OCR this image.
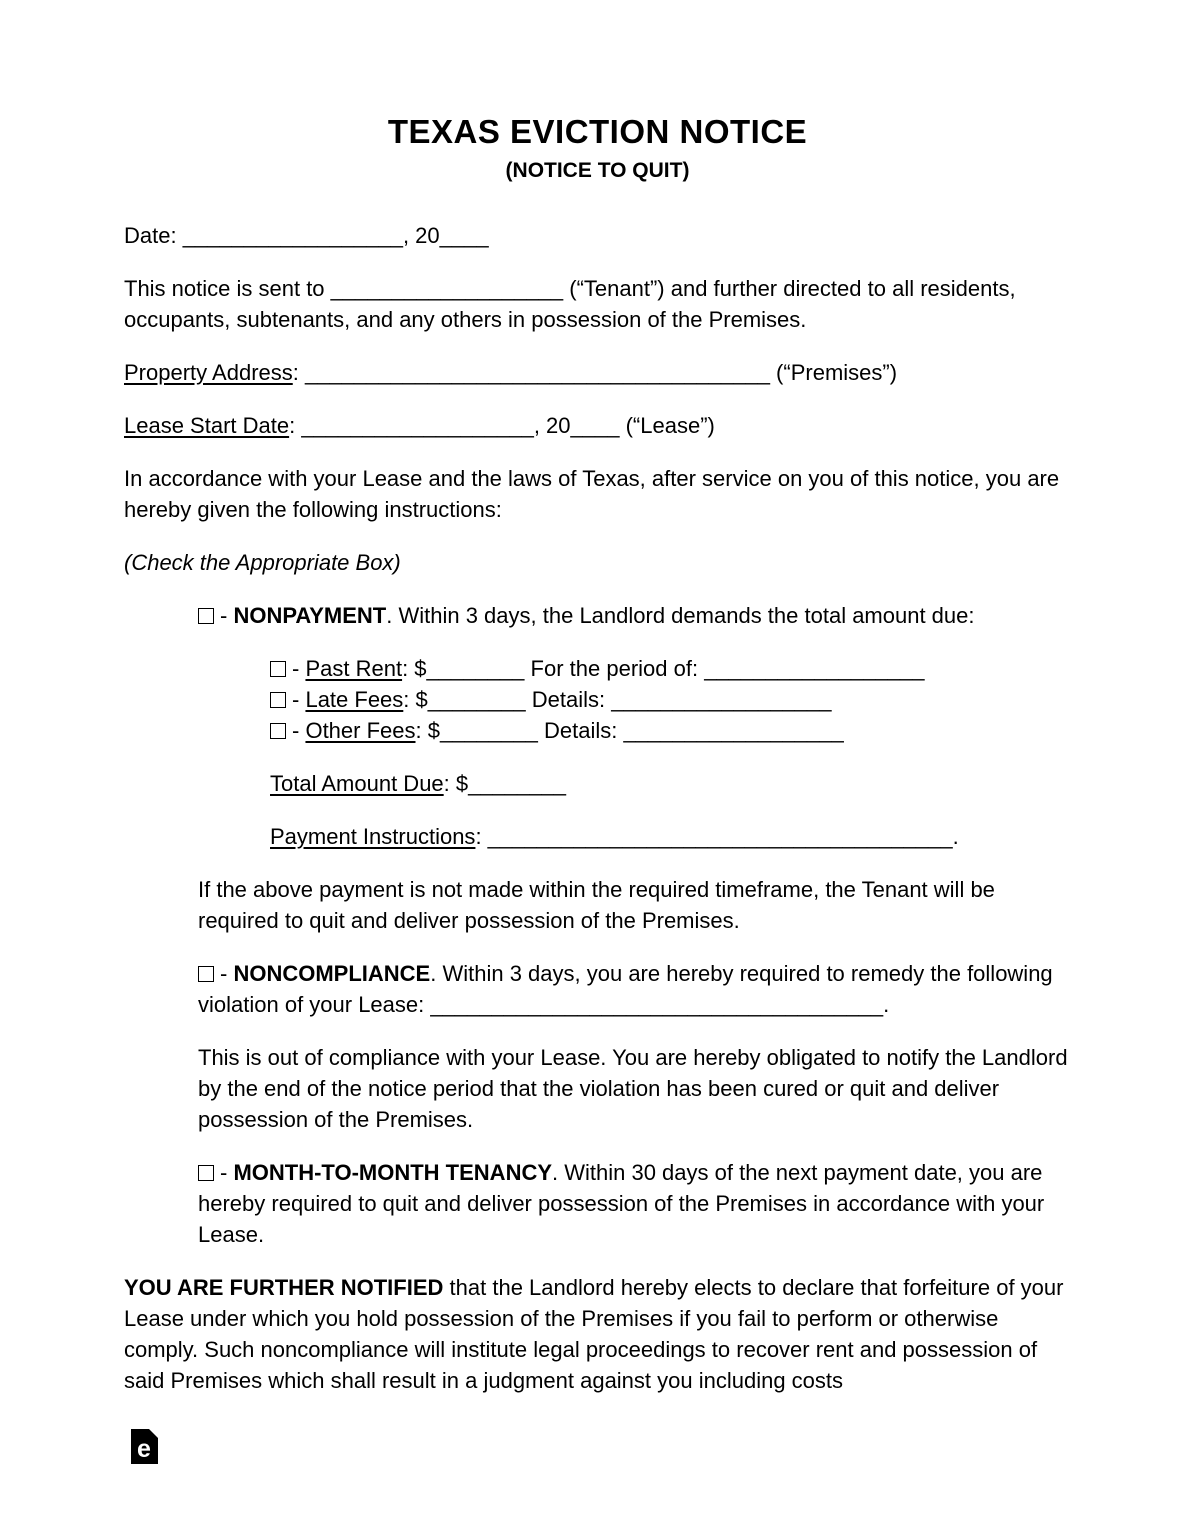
TEXAS EVICTION NOTICE
(NOTICE TO QUIT)

Date: __________________, 20____

This notice is sent to ___________________ (“Tenant”) and further directed to all residents, occupants, subtenants, and any others in possession of the Premises.

Property Address: ______________________________________ (“Premises”)

Lease Start Date: ___________________, 20____ (“Lease”)

In accordance with your Lease and the laws of Texas, after service on you of this notice, you are hereby given the following instructions:

(Check the Appropriate Box)

- NONPAYMENT. Within 3 days, the Landlord demands the total amount due:

- Past Rent: $________ For the period of: __________________
- Late Fees: $________ Details: __________________
- Other Fees: $________ Details: __________________

Total Amount Due: $________

Payment Instructions: ______________________________________.

If the above payment is not made within the required timeframe, the Tenant will be required to quit and deliver possession of the Premises.

- NONCOMPLIANCE. Within 3 days, you are hereby required to remedy the following violation of your Lease: _____________________________________.

This is out of compliance with your Lease. You are hereby obligated to notify the Landlord by the end of the notice period that the violation has been cured or quit and deliver possession of the Premises.

- MONTH-TO-MONTH TENANCY. Within 30 days of the next payment date, you are hereby required to quit and deliver possession of the Premises in accordance with your Lease.

YOU ARE FURTHER NOTIFIED that the Landlord hereby elects to declare that forfeiture of your Lease under which you hold possession of the Premises if you fail to perform or otherwise comply. Such noncompliance will institute legal proceedings to recover rent and possession of said Premises which shall result in a judgment against you including costs

e
